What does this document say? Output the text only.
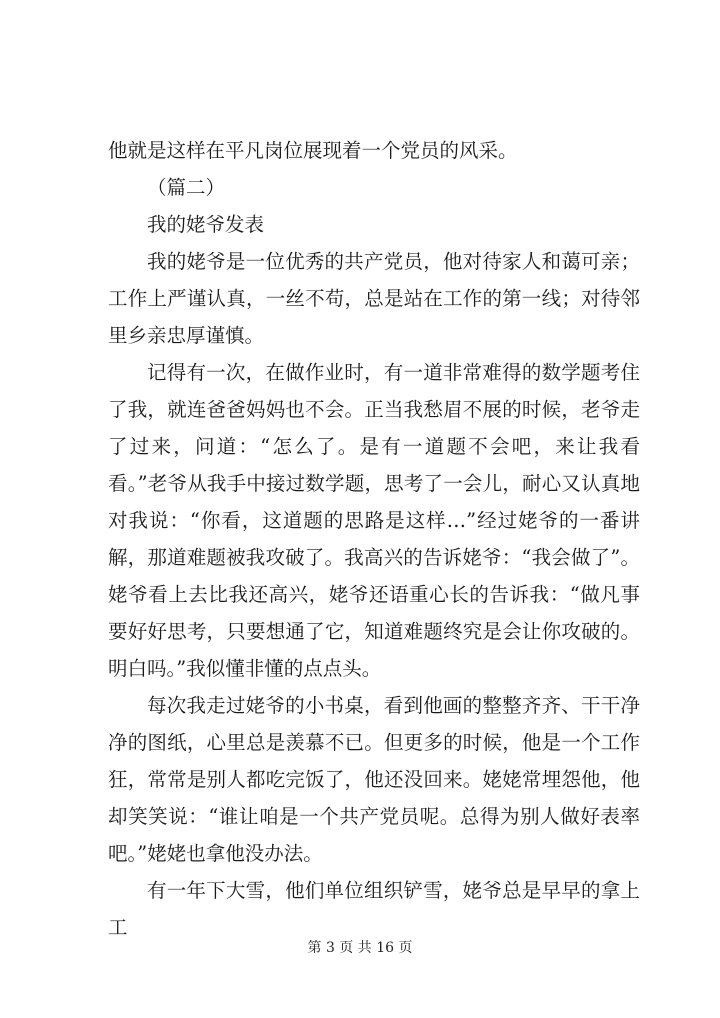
他就是这样在平凡岗位展现着一个党员的风采。

（篇二）

我的姥爷发表

我的姥爷是一位优秀的共产党员，他对待家人和蔼可亲；工作上严谨认真，一丝不苟，总是站在工作的第一线；对待邻里乡亲忠厚谨慎。

记得有一次，在做作业时，有一道非常难得的数学题考住了我，就连爸爸妈妈也不会。正当我愁眉不展的时候，老爷走了过来，问道：“怎么了。是有一道题不会吧，来让我看看。”老爷从我手中接过数学题，思考了一会儿，耐心又认真地对我说：“你看，这道题的思路是这样…”经过姥爷的一番讲解，那道难题被我攻破了。我高兴的告诉姥爷：“我会做了”。姥爷看上去比我还高兴，姥爷还语重心长的告诉我：“做凡事要好好思考，只要想通了它，知道难题终究是会让你攻破的。明白吗。”我似懂非懂的点点头。

每次我走过姥爷的小书桌，看到他画的整整齐齐、干干净净的图纸，心里总是羡慕不已。但更多的时候，他是一个工作狂，常常是别人都吃完饭了，他还没回来。姥姥常埋怨他，他却笑笑说：“谁让咱是一个共产党员呢。总得为别人做好表率吧。”姥姥也拿他没办法。

有一年下大雪，他们单位组织铲雪，姥爷总是早早的拿上工

第 3 页 共 16 页
